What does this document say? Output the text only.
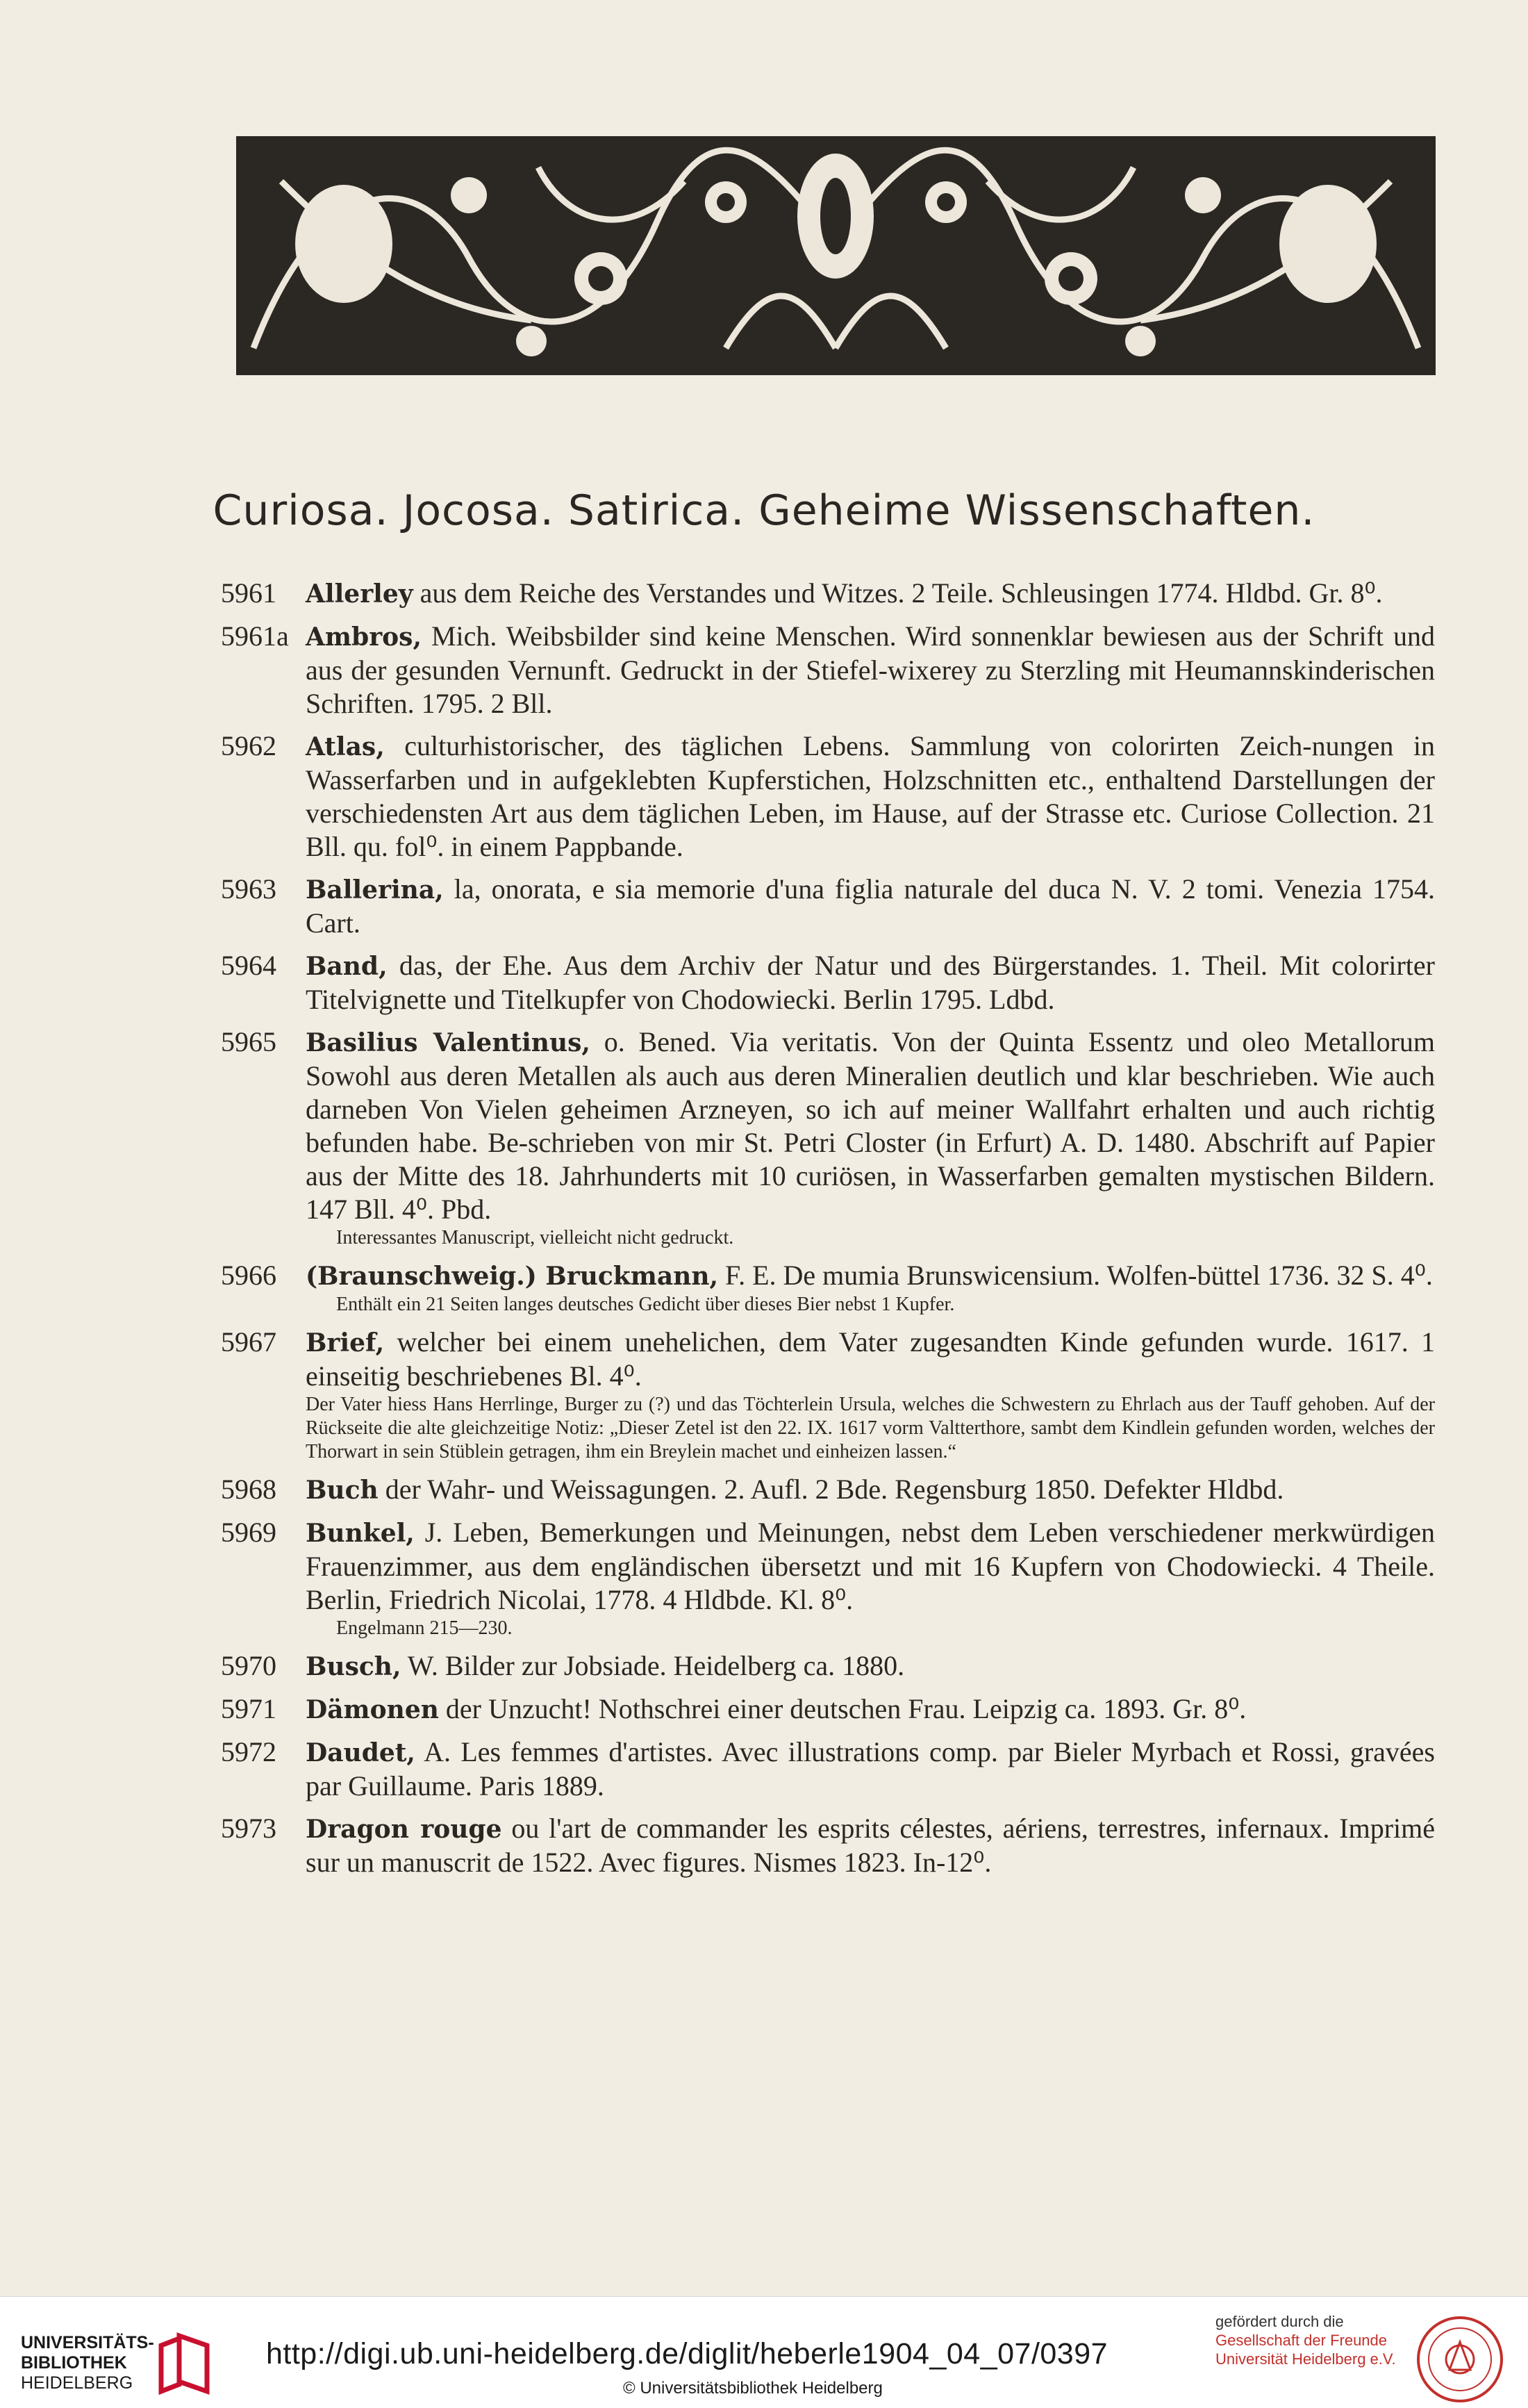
Curiosa. Jocosa. Satirica. Geheime Wissenschaften.
5961 Allerley aus dem Reiche des Verstandes und Witzes. 2 Teile. Schleusingen 1774. Hldbd. Gr. 8⁰.
5961a Ambros, Mich. Weibsbilder sind keine Menschen. Wird sonnenklar bewiesen aus der Schrift und aus der gesunden Vernunft. Gedruckt in der Stiefel-wixerey zu Sterzling mit Heumannskinderischen Schriften. 1795. 2 Bll.
5962 Atlas, culturhistorischer, des täglichen Lebens. Sammlung von colorirten Zeich-nungen in Wasserfarben und in aufgeklebten Kupferstichen, Holzschnitten etc., enthaltend Darstellungen der verschiedensten Art aus dem täglichen Leben, im Hause, auf der Strasse etc. Curiose Collection. 21 Bll. qu. fol⁰. in einem Pappbande.
5963 Ballerina, la, onorata, e sia memorie d'una figlia naturale del duca N. V. 2 tomi. Venezia 1754. Cart.
5964 Band, das, der Ehe. Aus dem Archiv der Natur und des Bürgerstandes. 1. Theil. Mit colorirter Titelvignette und Titelkupfer von Chodowiecki. Berlin 1795. Ldbd.
5965 Basilius Valentinus, o. Bened. Via veritatis. Von der Quinta Essentz und oleo Metallorum Sowohl aus deren Metallen als auch aus deren Mineralien deutlich und klar beschrieben. Wie auch darneben Von Vielen geheimen Arzneyen, so ich auf meiner Wallfahrt erhalten und auch richtig befunden habe. Be-schrieben von mir St. Petri Closter (in Erfurt) A. D. 1480. Abschrift auf Papier aus der Mitte des 18. Jahrhunderts mit 10 curiösen, in Wasserfarben gemalten mystischen Bildern. 147 Bll. 4⁰. Pbd.
Interessantes Manuscript, vielleicht nicht gedruckt.
5966 (Braunschweig.) Bruckmann, F. E. De mumia Brunswicensium. Wolfen-büttel 1736. 32 S. 4⁰.
Enthält ein 21 Seiten langes deutsches Gedicht über dieses Bier nebst 1 Kupfer.
5967 Brief, welcher bei einem unehelichen, dem Vater zugesandten Kinde gefunden wurde. 1617. 1 einseitig beschriebenes Bl. 4⁰.
Der Vater hiess Hans Herrlinge, Burger zu (?) und das Töchterlein Ursula, welches die Schwestern zu Ehrlach aus der Tauff gehoben. Auf der Rückseite die alte gleichzeitige Notiz: „Dieser Zetel ist den 22. IX. 1617 vorm Valtterthore, sambt dem Kindlein gefunden worden, welches der Thorwart in sein Stüblein getragen, ihm ein Breylein machet und einheizen lassen.“
5968 Buch der Wahr- und Weissagungen. 2. Aufl. 2 Bde. Regensburg 1850. Defekter Hldbd.
5969 Bunkel, J. Leben, Bemerkungen und Meinungen, nebst dem Leben verschiedener merkwürdigen Frauenzimmer, aus dem engländischen übersetzt und mit 16 Kupfern von Chodowiecki. 4 Theile. Berlin, Friedrich Nicolai, 1778. 4 Hldbde. Kl. 8⁰.
Engelmann 215—230.
5970 Busch, W. Bilder zur Jobsiade. Heidelberg ca. 1880.
5971 Dämonen der Unzucht! Nothschrei einer deutschen Frau. Leipzig ca. 1893. Gr. 8⁰.
5972 Daudet, A. Les femmes d'artistes. Avec illustrations comp. par Bieler Myrbach et Rossi, gravées par Guillaume. Paris 1889.
5973 Dragon rouge ou l'art de commander les esprits célestes, aériens, terrestres, infernaux. Imprimé sur un manuscrit de 1522. Avec figures. Nismes 1823. In-12⁰.
UNIVERSITÄTS-
BIBLIOTHEK
HEIDELBERG
http://digi.ub.uni-heidelberg.de/diglit/heberle1904_04_07/0397
© Universitätsbibliothek Heidelberg
gefördert durch die
Gesellschaft der Freunde
Universität Heidelberg e.V.
